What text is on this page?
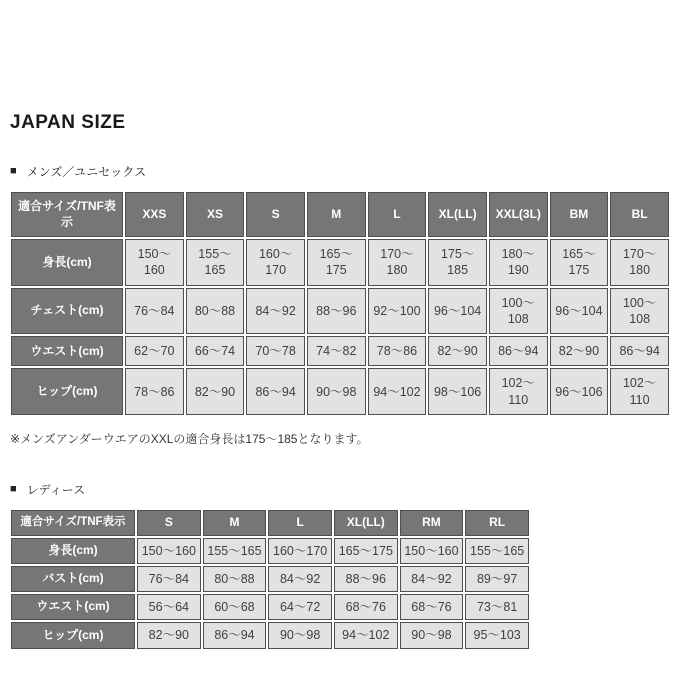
JAPAN SIZE
■ メンズ／ユニセックス
適合サイズ/TNF表示	XXS	XS	S	M	L	XL(LL)	XXL(3L)	BM	BL
身長(cm)	150〜160	155〜165	160〜170	165〜175	170〜180	175〜185	180〜190	165〜175	170〜180
チェスト(cm)	76〜84	80〜88	84〜92	88〜96	92〜100	96〜104	100〜108	96〜104	100〜108
ウエスト(cm)	62〜70	66〜74	70〜78	74〜82	78〜86	82〜90	86〜94	82〜90	86〜94
ヒップ(cm)	78〜86	82〜90	86〜94	90〜98	94〜102	98〜106	102〜110	96〜106	102〜110

※メンズアンダーウエアのXXLの適合身長は175〜185となります。

■ レディース
適合サイズ/TNF表示	S	M	L	XL(LL)	RM	RL
身長(cm)	150〜160	155〜165	160〜170	165〜175	150〜160	155〜165
バスト(cm)	76〜84	80〜88	84〜92	88〜96	84〜92	89〜97
ウエスト(cm)	56〜64	60〜68	64〜72	68〜76	68〜76	73〜81
ヒップ(cm)	82〜90	86〜94	90〜98	94〜102	90〜98	95〜103
